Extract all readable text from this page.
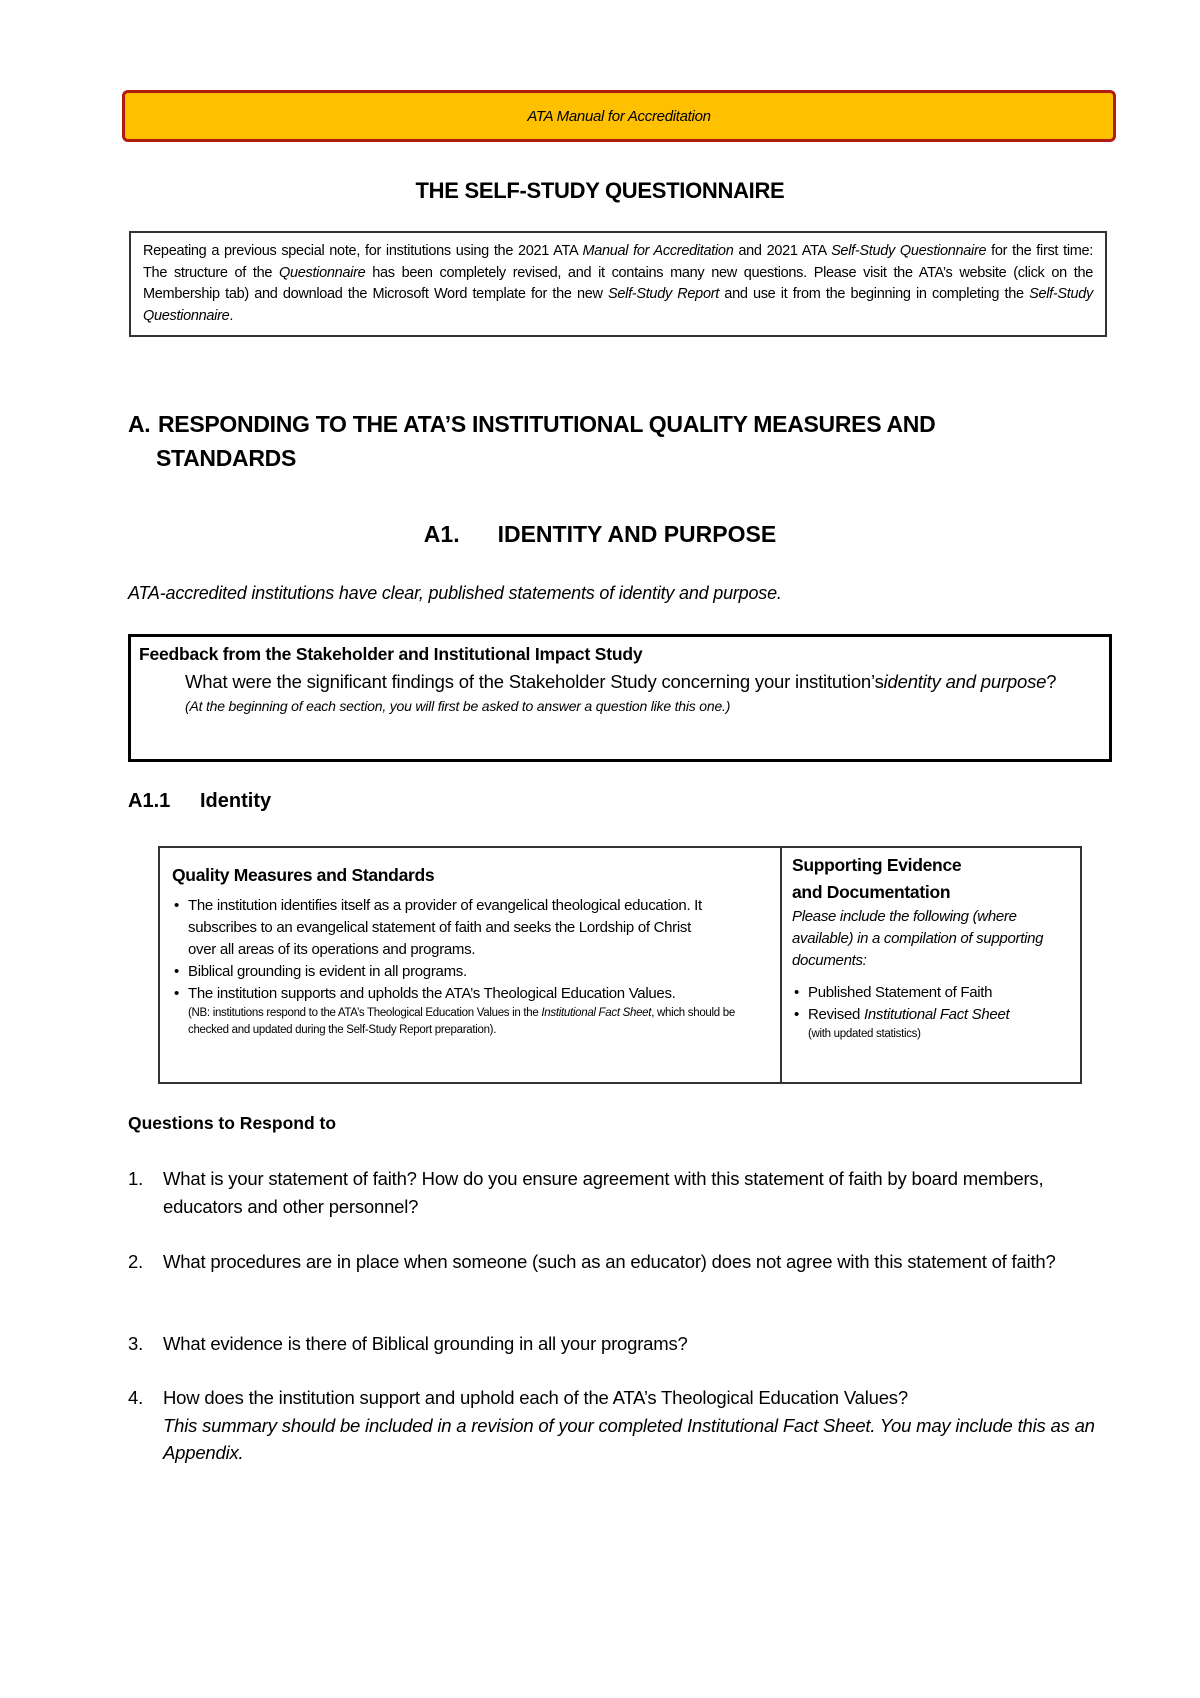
ATA Manual for Accreditation
THE SELF-STUDY QUESTIONNAIRE
Repeating a previous special note, for institutions using the 2021 ATA Manual for Accreditation and 2021 ATA Self-Study Questionnaire for the first time: The structure of the Questionnaire has been completely revised, and it contains many new questions. Please visit the ATA’s website (click on the Membership tab) and download the Microsoft Word template for the new Self-Study Report and use it from the beginning in completing the Self-Study Questionnaire.
A. RESPONDING TO THE ATA’S INSTITUTIONAL QUALITY MEASURES AND
STANDARDS
A1. IDENTITY AND PURPOSE
ATA-accredited institutions have clear, published statements of identity and purpose.
Feedback from the Stakeholder and Institutional Impact Study
What were the significant findings of the Stakeholder Study concerning your institution’s identity and purpose ?
(At the beginning of each section, you will first be asked to answer a question like this one.)
A1.1 Identity
Quality Measures and Standards
• The institution identifies itself as a provider of evangelical theological education. It subscribes to an evangelical statement of faith and seeks the Lordship of Christ over all areas of its operations and programs.
• Biblical grounding is evident in all programs.
• The institution supports and upholds the ATA’s Theological Education Values.
(NB: institutions respond to the ATA’s Theological Education Values in the Institutional Fact Sheet, which should be checked and updated during the Self-Study Report preparation).
Supporting Evidence
and Documentation
Please include the following (where available) in a compilation of supporting documents:
• Published Statement of Faith
• Revised Institutional Fact Sheet
(with updated statistics)
Questions to Respond to
1.	What is your statement of faith? How do you ensure agreement with this statement of faith by board members, educators and other personnel?
2.	What procedures are in place when someone (such as an educator) does not agree with this statement of faith?
3.	What evidence is there of Biblical grounding in all your programs?
4.	How does the institution support and uphold each of the ATA’s Theological Education Values?
This summary should be included in a revision of your completed Institutional Fact Sheet. You may include this as an Appendix.
